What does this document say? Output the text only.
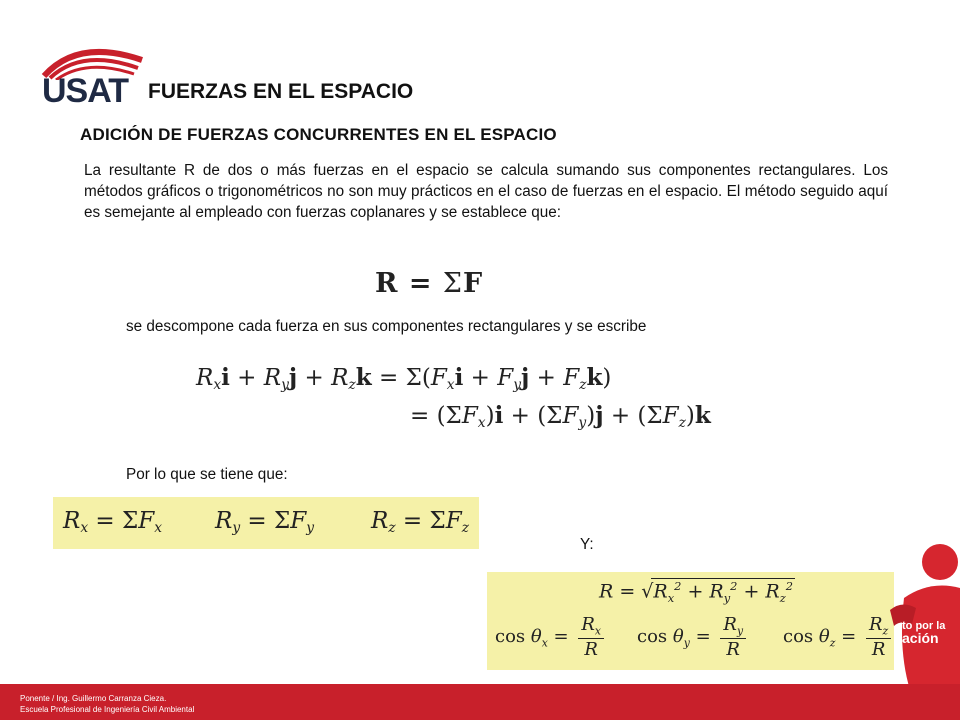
USAT FUERZAS EN EL ESPACIO
ADICIÓN DE FUERZAS CONCURRENTES EN EL ESPACIO
La resultante R de dos o más fuerzas en el espacio se calcula sumando sus componentes rectangulares. Los métodos gráficos o trigonométricos no son muy prácticos en el caso de fuerzas en el espacio. El método seguido aquí es semejante al empleado con fuerzas coplanares y se establece que:
R = ΣF
se descompone cada fuerza en sus componentes rectangulares y se escribe
$R_xi + R_yj + R_zk = \Sigma(F_xi + F_yj + F_zk)$
= $(\Sigma F_x)i + (\Sigma F_y)j + (\Sigma F_z)k$
Por lo que se tiene que:
$R_x = \Sigma F_x$ $R_y = \Sigma F_y$ $R_z = \Sigma F_z$
Y:
$R = √R_x^2 + R_y^2 + R_z^2$
$\cos \theta_x = \frac{R_x}{R}$ $\cos \theta_y = \frac{R_y}{R}$ $\cos \theta_z = \frac{R_z}{R}$ to por la
ación
Ponente / Ing. Guillermo Carranza Cieza.
Escuela Profesional de Ingeniería Civil Ambiental
